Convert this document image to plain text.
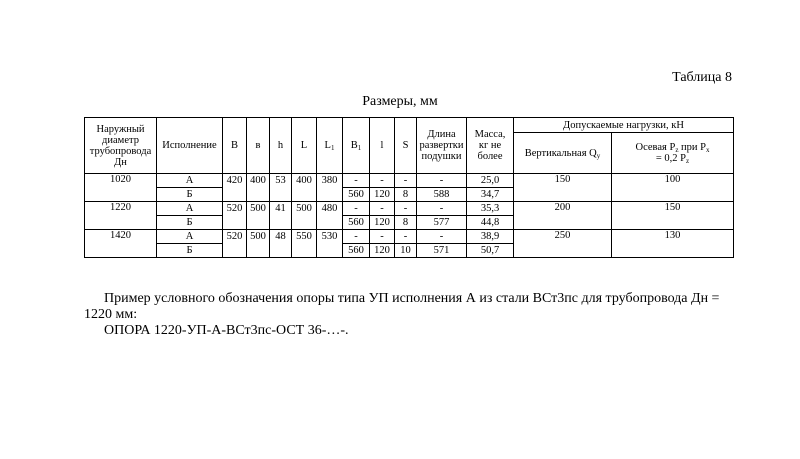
Таблица 8
Размеры, мм
Наружный диаметр трубопровода Дн	Исполнение	В	в	h	L	$L_1$	$В_1$	l	S	Длина развертки подушки	Масса, кг не более	Допускаемые нагрузки, кН	
												Вертикальная $Q_y$	Осевая $Р_z$ при $Р_x$
= 0,2 $Р_z$
1020	А	420	400	53	400	380	-	-	-	-	25,0	150	100
	Б						560	120	8	588	34,7		
1220	А	520	500	41	500	480	-	-	-	-	35,3	200	150
	Б						560	120	8	577	44,8		
1420	А	520	500	48	550	530	-	-	-	-	38,9	250	130
	Б						560	120	10	571	50,7		
Пример условного обозначения опоры типа УП исполнения А из стали ВСт3пс для трубопровода Дн = 1220 мм:
ОПОРА 1220-УП-А-ВСт3пс-ОСТ 36-…-.
